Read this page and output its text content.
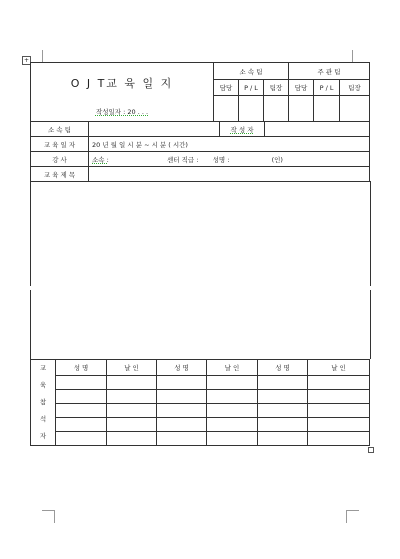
+
O J T교 육 일 지
작성일자 : 20 . . .	소 속 팀			주 관 팀		
	담당	P / L	팀장	담당	P / L	팀장

소 속 팀		작 성 자	
교 육 일 자	20 년 월 일 시 분 ~ 시 분 ( 시간)		
강 사	소속 : 센터 직급 : 성명 : (인)		
교 육 제 목			
교
육
참
석
자	성 명	날 인	성 명	날 인	성 명	날 인
